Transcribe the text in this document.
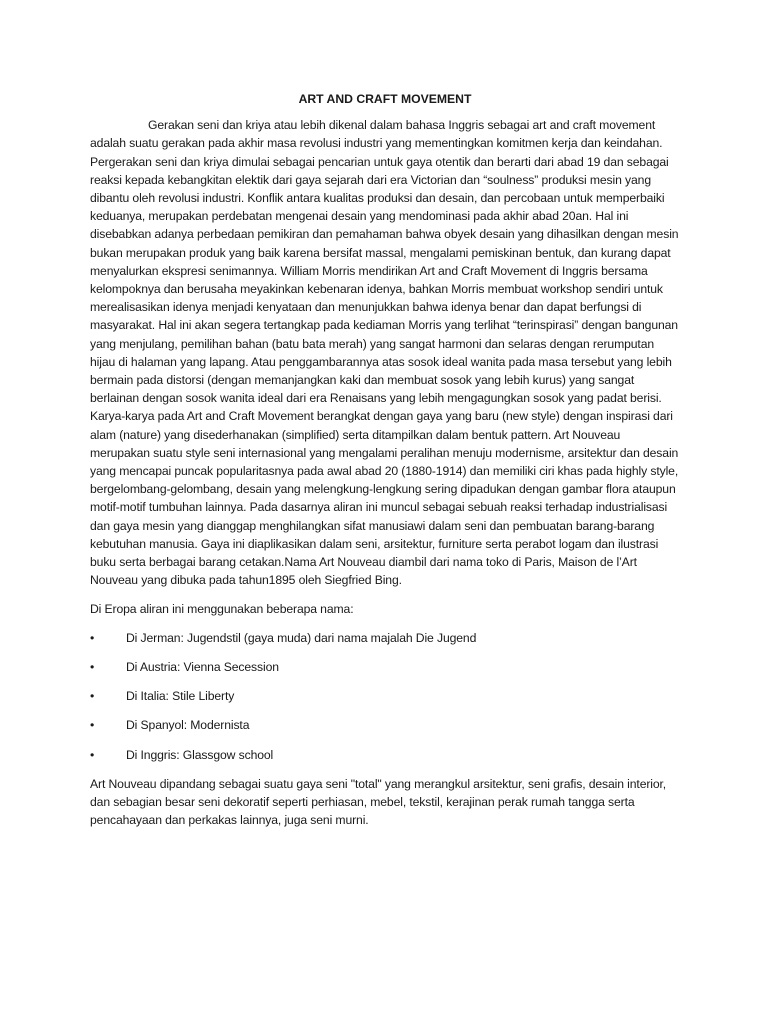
ART AND CRAFT MOVEMENT

Gerakan seni dan kriya atau lebih dikenal dalam bahasa Inggris sebagai art and craft movement adalah suatu gerakan pada akhir masa revolusi industri yang mementingkan komitmen kerja dan keindahan. Pergerakan seni dan kriya dimulai sebagai pencarian untuk gaya otentik dan berarti dari abad 19 dan sebagai reaksi kepada kebangkitan elektik dari gaya sejarah dari era Victorian dan “soulness” produksi mesin yang dibantu oleh revolusi industri. Konflik antara kualitas produksi dan desain, dan percobaan untuk memperbaiki keduanya, merupakan perdebatan mengenai desain yang mendominasi pada akhir abad 20an. Hal ini disebabkan adanya perbedaan pemikiran dan pemahaman bahwa obyek desain yang dihasilkan dengan mesin bukan merupakan produk yang baik karena bersifat massal, mengalami pemiskinan bentuk, dan kurang dapat menyalurkan ekspresi senimannya. William Morris mendirikan Art and Craft Movement di Inggris bersama kelompoknya dan berusaha meyakinkan kebenaran idenya, bahkan Morris membuat workshop sendiri untuk merealisasikan idenya menjadi kenyataan dan menunjukkan bahwa idenya benar dan dapat berfungsi di masyarakat. Hal ini akan segera tertangkap pada kediaman Morris yang terlihat “terinspirasi” dengan bangunan yang menjulang, pemilihan bahan (batu bata merah) yang sangat harmoni dan selaras dengan rerumputan hijau di halaman yang lapang. Atau penggambarannya atas sosok ideal wanita pada masa tersebut yang lebih bermain pada distorsi (dengan memanjangkan kaki dan membuat sosok yang lebih kurus) yang sangat berlainan dengan sosok wanita ideal dari era Renaisans yang lebih mengagungkan sosok yang padat berisi. Karya-karya pada Art and Craft Movement berangkat dengan gaya yang baru (new style) dengan inspirasi dari alam (nature) yang disederhanakan (simplified) serta ditampilkan dalam bentuk pattern. Art Nouveau merupakan suatu style seni internasional yang mengalami peralihan menuju modernisme, arsitektur dan desain yang mencapai puncak popularitasnya pada awal abad 20 (1880-1914) dan memiliki ciri khas pada highly style, bergelombang-gelombang, desain yang melengkung-lengkung sering dipadukan dengan gambar flora ataupun motif-motif tumbuhan lainnya. Pada dasarnya aliran ini muncul sebagai sebuah reaksi terhadap industrialisasi dan gaya mesin yang dianggap menghilangkan sifat manusiawi dalam seni dan pembuatan barang-barang kebutuhan manusia. Gaya ini diaplikasikan dalam seni, arsitektur, furniture serta perabot logam dan ilustrasi buku serta berbagai barang cetakan.Nama Art Nouveau diambil dari nama toko di Paris, Maison de l’Art Nouveau yang dibuka pada tahun1895 oleh Siegfried Bing.

Di Eropa aliran ini menggunakan beberapa nama:

•	Di Jerman: Jugendstil (gaya muda) dari nama majalah Die Jugend
•	Di Austria: Vienna Secession
•	Di Italia: Stile Liberty
•	Di Spanyol: Modernista
•	Di Inggris: Glassgow school

Art Nouveau dipandang sebagai suatu gaya seni "total" yang merangkul arsitektur, seni grafis, desain interior, dan sebagian besar seni dekoratif seperti perhiasan, mebel, tekstil, kerajinan perak rumah tangga serta pencahayaan dan perkakas lainnya, juga seni murni.
